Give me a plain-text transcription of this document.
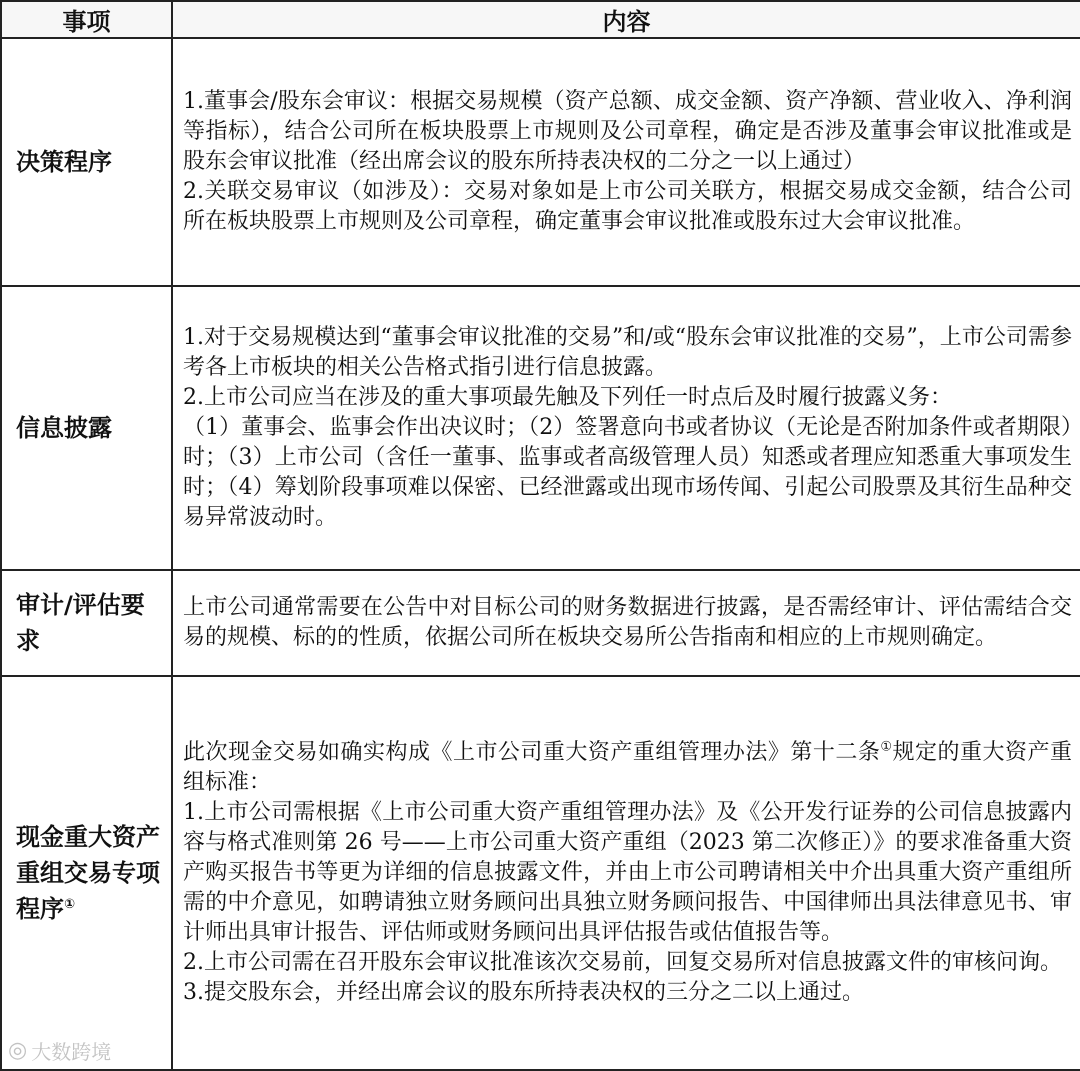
事项	内容
决策程序	1.董事会/股东会审议：根据交易规模（资产总额、成交金额、资产净额、营业收入、净利润等指标），结合公司所在板块股票上市规则及公司章程，确定是否涉及董事会审议批准或是股东会审议批准（经出席会议的股东所持表决权的二分之一以上通过）

2.关联交易审议（如涉及）：交易对象如是上市公司关联方，根据交易成交金额，结合公司所在板块股票上市规则及公司章程，确定董事会审议批准或股东过大会审议批准。

信息披露	1.对于交易规模达到“董事会审议批准的交易”和/或“股东会审议批准的交易”，上市公司需参考各上市板块的相关公告格式指引进行信息披露。

2.上市公司应当在涉及的重大事项最先触及下列任一时点后及时履行披露义务：

（1）董事会、监事会作出决议时；（2）签署意向书或者协议（无论是否附加条件或者期限）时；（3）上市公司（含任一董事、监事或者高级管理人员）知悉或者理应知悉重大事项发生时；（4）筹划阶段事项难以保密、已经泄露或出现市场传闻、引起公司股票及其衍生品种交易异常波动时。

审计/评估要求	上市公司通常需要在公告中对目标公司的财务数据进行披露，是否需经审计、评估需结合交易的规模、标的的性质，依据公司所在板块交易所公告指南和相应的上市规则确定。

现金重大资产重组交易专项程序①	此次现金交易如确实构成《上市公司重大资产重组管理办法》第十二条①规定的重大资产重组标准：

1.上市公司需根据《上市公司重大资产重组管理办法》及《公开发行证券的公司信息披露内容与格式准则第 26 号——上市公司重大资产重组（2023 第二次修正）》的要求准备重大资产购买报告书等更为详细的信息披露文件，并由上市公司聘请相关中介出具重大资产重组所需的中介意见，如聘请独立财务顾问出具独立财务顾问报告、中国律师出具法律意见书、审计师出具审计报告、评估师或财务顾问出具评估报告或估值报告等。

2.上市公司需在召开股东会审议批准该次交易前，回复交易所对信息披露文件的审核问询。

3.提交股东会，并经出席会议的股东所持表决权的三分之二以上通过。

◎ 大数跨境
